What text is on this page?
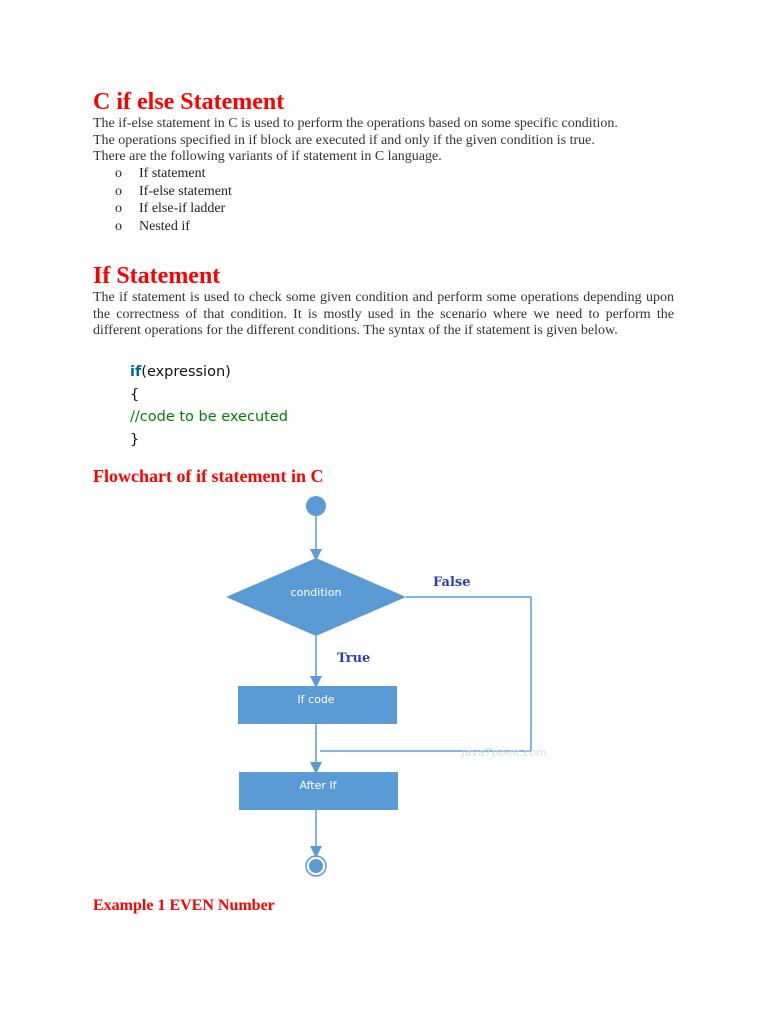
C if else Statement

The if-else statement in C is used to perform the operations based on some specific condition.

The operations specified in if block are executed if and only if the given condition is true.

There are the following variants of if statement in C language.

o If statement
o If-else statement
o If else-if ladder
o Nested if
If Statement

The if statement is used to check some given condition and perform some operations depending upon the correctness of that condition. It is mostly used in the scenario where we need to perform the different operations for the different conditions. The syntax of the if statement is given below.

if(expression)
{
//code to be executed
}
Flowchart of if statement in C
Example 1 EVEN Number
condition
False
True
If code
javaTpoint.com
After If
